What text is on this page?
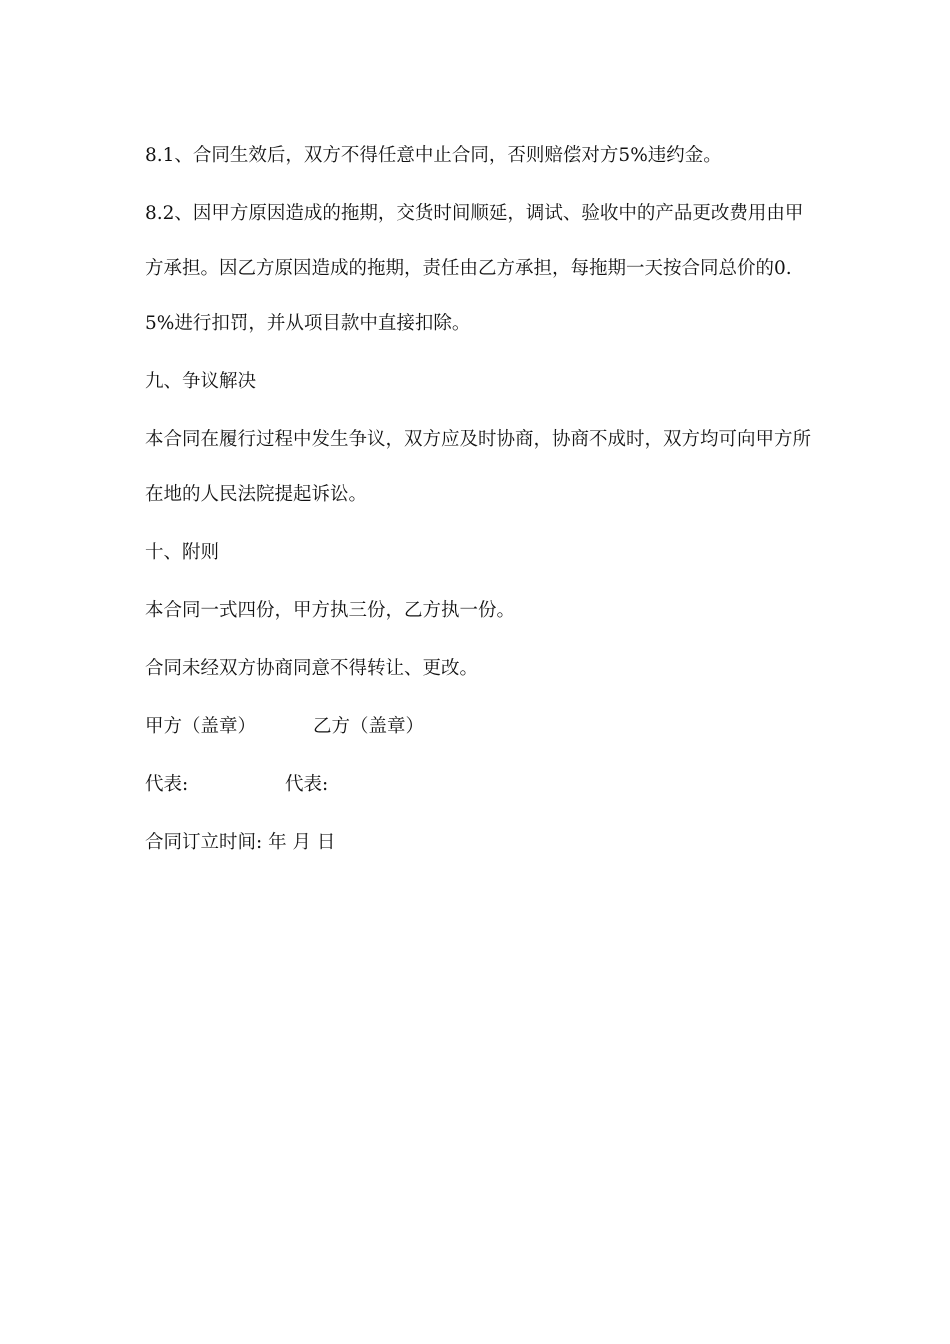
8.1、合同生效后，双方不得任意中止合同，否则赔偿对方5%违约金。

8.2、因甲方原因造成的拖期，交货时间顺延，调试、验收中的产品更改费用由甲方承担。因乙方原因造成的拖期，责任由乙方承担，每拖期一天按合同总价的0.5%进行扣罚，并从项目款中直接扣除。

九、争议解决

本合同在履行过程中发生争议，双方应及时协商，协商不成时，双方均可向甲方所在地的人民法院提起诉讼。

十、附则

本合同一式四份，甲方执三份，乙方执一份。

合同未经双方协商同意不得转让、更改。

甲方（盖章）	乙方（盖章）
代表:	代表:
合同订立时间: 年 月 日
